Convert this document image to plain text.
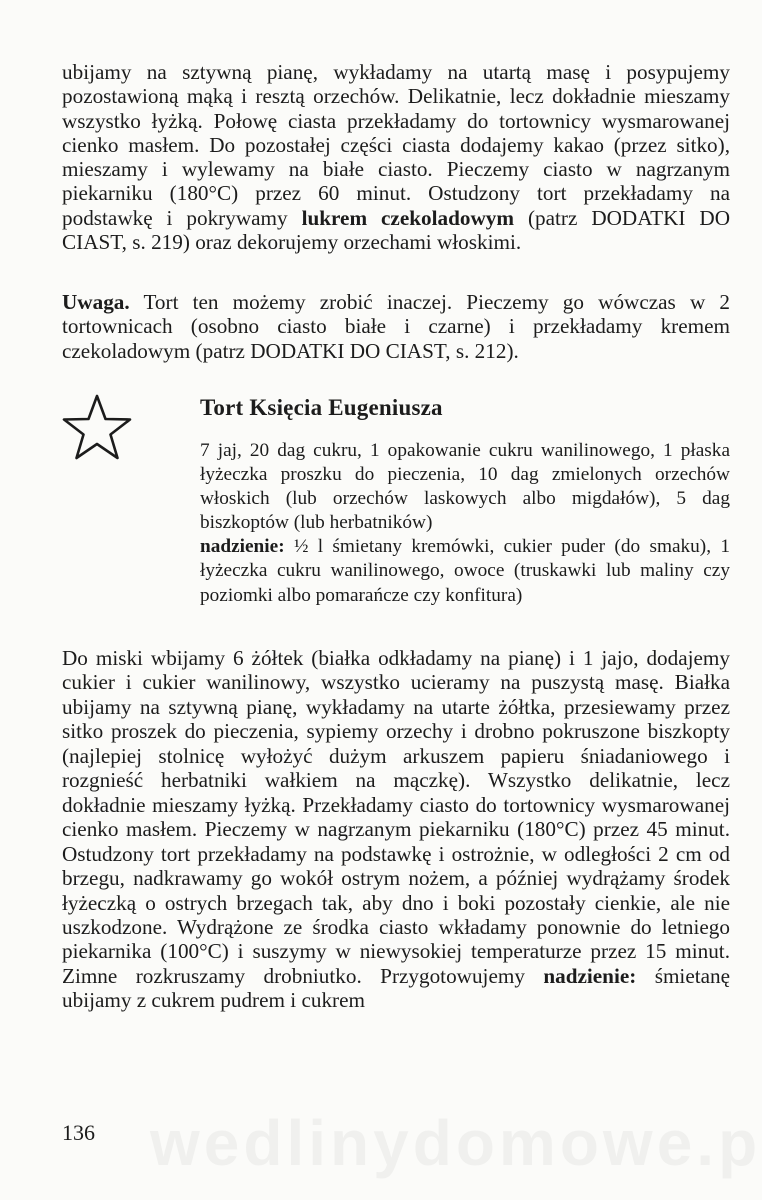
ubijamy na sztywną pianę, wykładamy na utartą masę i posypujemy pozostawioną mąką i resztą orzechów. Delikatnie, lecz dokładnie mieszamy wszystko łyżką. Połowę ciasta przekładamy do tortownicy wysmarowanej cienko masłem. Do pozostałej części ciasta dodajemy kakao (przez sitko), mieszamy i wylewamy na białe ciasto. Pieczemy ciasto w nagrzanym piekarniku (180°C) przez 60 minut. Ostudzony tort przekładamy na podstawkę i pokrywamy lukrem czekoladowym (patrz DODATKI DO CIAST, s. 219) oraz dekorujemy orzechami włoskimi.

Uwaga. Tort ten możemy zrobić inaczej. Pieczemy go wówczas w 2 tortownicach (osobno ciasto białe i czarne) i przekładamy kremem czekoladowym (patrz DODATKI DO CIAST, s. 212).

Tort Księcia Eugeniusza

7 jaj, 20 dag cukru, 1 opakowanie cukru wanilinowego, 1 płaska łyżeczka proszku do pieczenia, 10 dag zmielonych orzechów włoskich (lub orzechów laskowych albo migdałów), 5 dag biszkoptów (lub herbatników)

nadzienie: ½ l śmietany kremówki, cukier puder (do smaku), 1 łyżeczka cukru wanilinowego, owoce (truskawki lub maliny czy poziomki albo pomarańcze czy konfitura)

Do miski wbijamy 6 żółtek (białka odkładamy na pianę) i 1 jajo, dodajemy cukier i cukier wanilinowy, wszystko ucieramy na puszystą masę. Białka ubijamy na sztywną pianę, wykładamy na utarte żółtka, przesiewamy przez sitko proszek do pieczenia, sypiemy orzechy i drobno pokruszone biszkopty (najlepiej stolnicę wyłożyć dużym arkuszem papieru śniadaniowego i rozgnieść herbatniki wałkiem na mączkę). Wszystko delikatnie, lecz dokładnie mieszamy łyżką. Przekładamy ciasto do tortownicy wysmarowanej cienko masłem. Pieczemy w nagrzanym piekarniku (180°C) przez 45 minut. Ostudzony tort przekładamy na podstawkę i ostrożnie, w odległości 2 cm od brzegu, nadkrawamy go wokół ostrym nożem, a później wydrążamy środek łyżeczką o ostrych brzegach tak, aby dno i boki pozostały cienkie, ale nie uszkodzone. Wydrążone ze środka ciasto wkładamy ponownie do letniego piekarnika (100°C) i suszymy w niewysokiej temperaturze przez 15 minut. Zimne rozkruszamy drobniutko. Przygotowujemy nadzienie: śmietanę ubijamy z cukrem pudrem i cukrem

136
